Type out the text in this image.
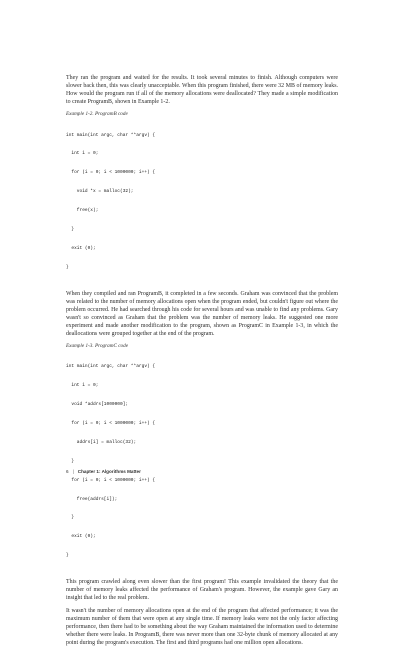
They ran the program and waited for the results. It took several minutes to finish. Although computers were slower back then, this was clearly unacceptable. When this program finished, there were 32 MB of memory leaks. How would the program run if all of the memory allocations were deallocated? They made a simple modification to create ProgramB, shown in Example 1-2.

Example 1-2. ProgramB code

int main(int argc, char **argv) {

int i = 0;

for (i = 0; i < 1000000; i++) {

void *x = malloc(32);

free(x);

}

exit (0);

}

When they compiled and ran ProgramB, it completed in a few seconds. Graham was convinced that the problem was related to the number of memory allocations open when the program ended, but couldn't figure out where the problem occurred. He had searched through his code for several hours and was unable to find any problems. Gary wasn't so convinced as Graham that the problem was the number of memory leaks. He suggested one more experiment and made another modification to the program, shown as ProgramC in Example 1-3, in which the deallocations were grouped together at the end of the program.

Example 1-3. ProgramC code

int main(int argc, char **argv) {

int i = 0;

void *addrs[1000000];

for (i = 0; i < 1000000; i++) {

addrs[i] = malloc(32);

}

for (i = 0; i < 1000000; i++) {

free(addrs[i]);

}

exit (0);

}

This program crawled along even slower than the first program! This example invalidated the theory that the number of memory leaks affected the performance of Graham's program. However, the example gave Gary an insight that led to the real problem.

It wasn't the number of memory allocations open at the end of the program that affected performance; it was the maximum number of them that were open at any single time. If memory leaks were not the only factor affecting performance, then there had to be something about the way Graham maintained the information used to determine whether there were leaks. In ProgramB, there was never more than one 32-byte chunk of memory allocated at any point during the program's execution. The first and third programs had one million open allocations.

6 | Chapter 1: Algorithms Matter
